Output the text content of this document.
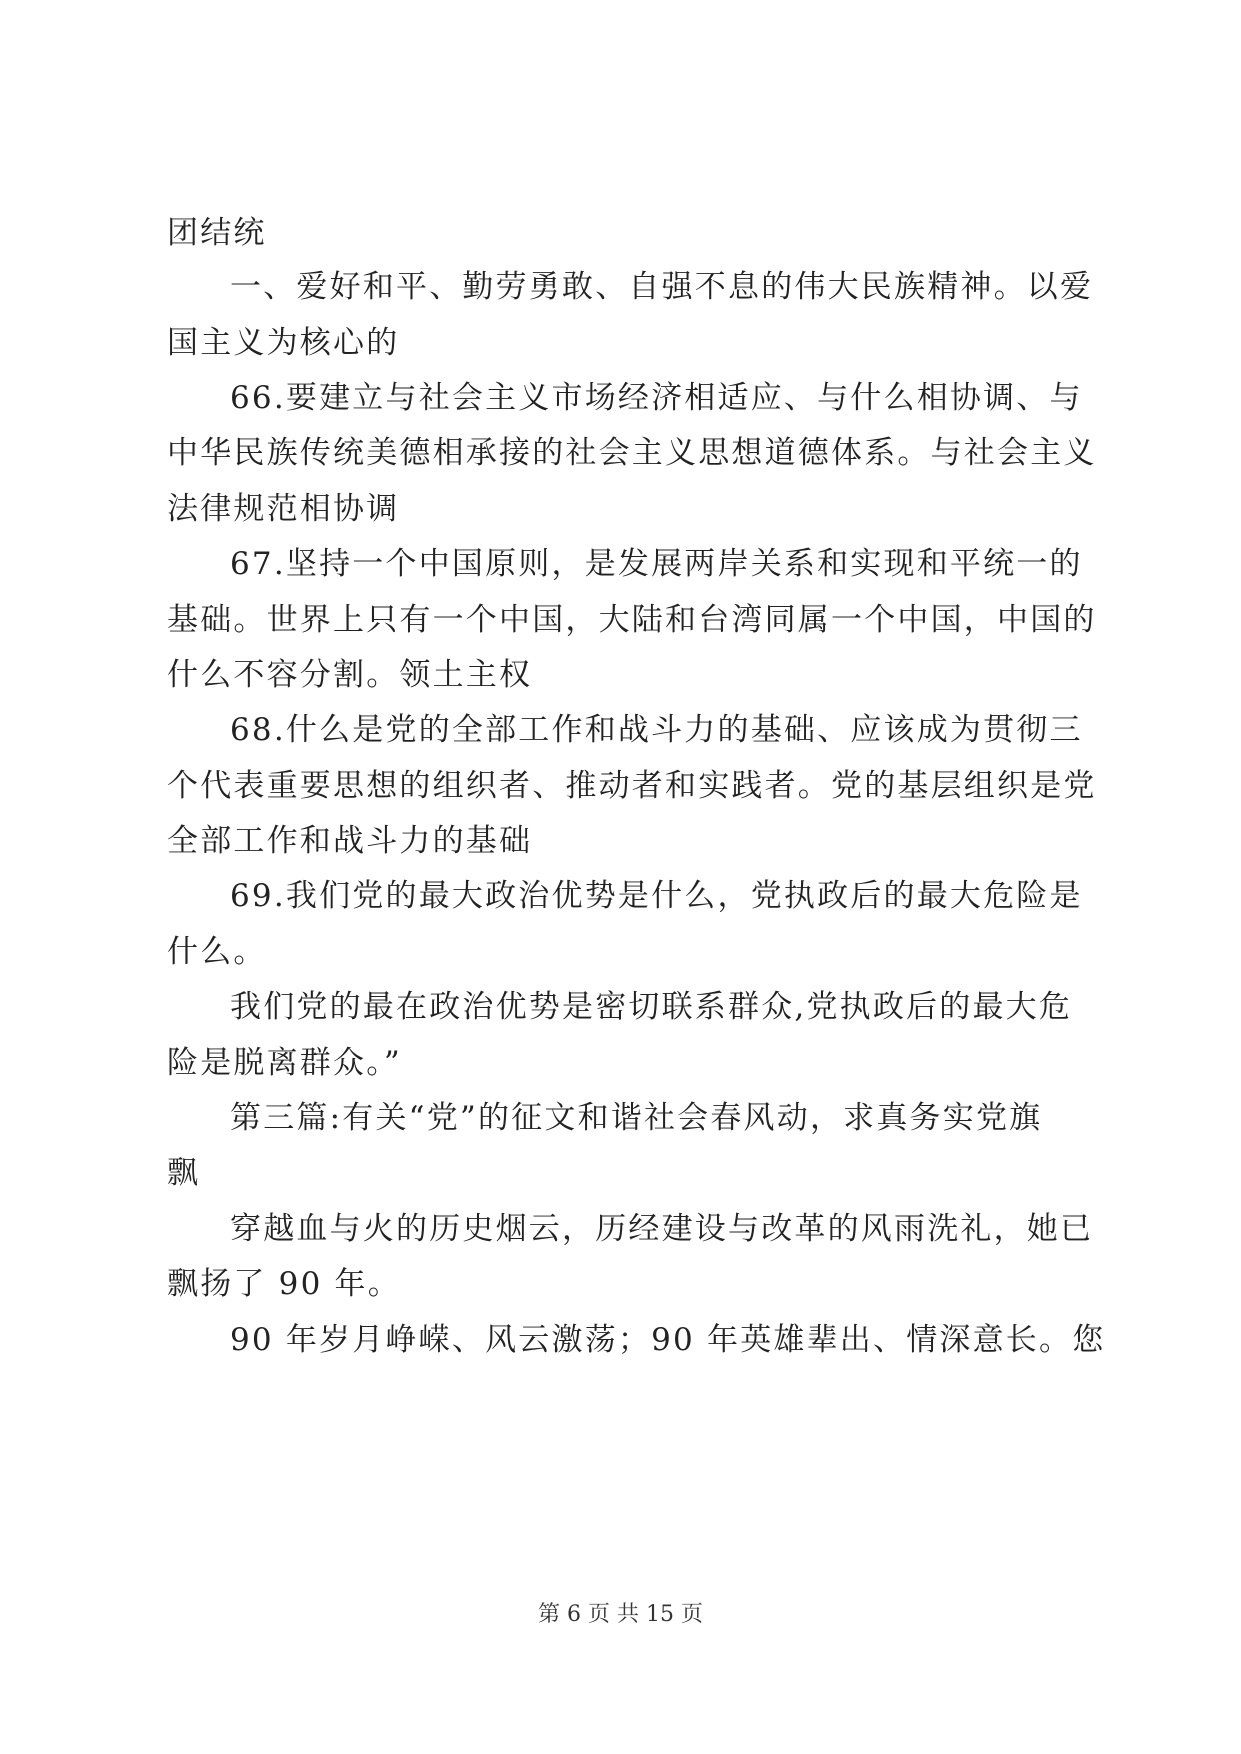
团结统
一、爱好和平、勤劳勇敢、自强不息的伟大民族精神。以爱
国主义为核心的
66.要建立与社会主义市场经济相适应、与什么相协调、与
中华民族传统美德相承接的社会主义思想道德体系。与社会主义
法律规范相协调
67.坚持一个中国原则，是发展两岸关系和实现和平统一的
基础。世界上只有一个中国，大陆和台湾同属一个中国，中国的
什么不容分割。领土主权
68.什么是党的全部工作和战斗力的基础、应该成为贯彻三
个代表重要思想的组织者、推动者和实践者。党的基层组织是党
全部工作和战斗力的基础
69.我们党的最大政治优势是什么，党执政后的最大危险是
什么。
我们党的最在政治优势是密切联系群众,党执政后的最大危
险是脱离群众。”
第三篇:有关“党”的征文和谐社会春风动，求真务实党旗
飘
穿越血与火的历史烟云，历经建设与改革的风雨洗礼，她已
飘扬了 90 年。
90 年岁月峥嵘、风云激荡；90 年英雄辈出、情深意长。您
第 6 页 共 15 页
